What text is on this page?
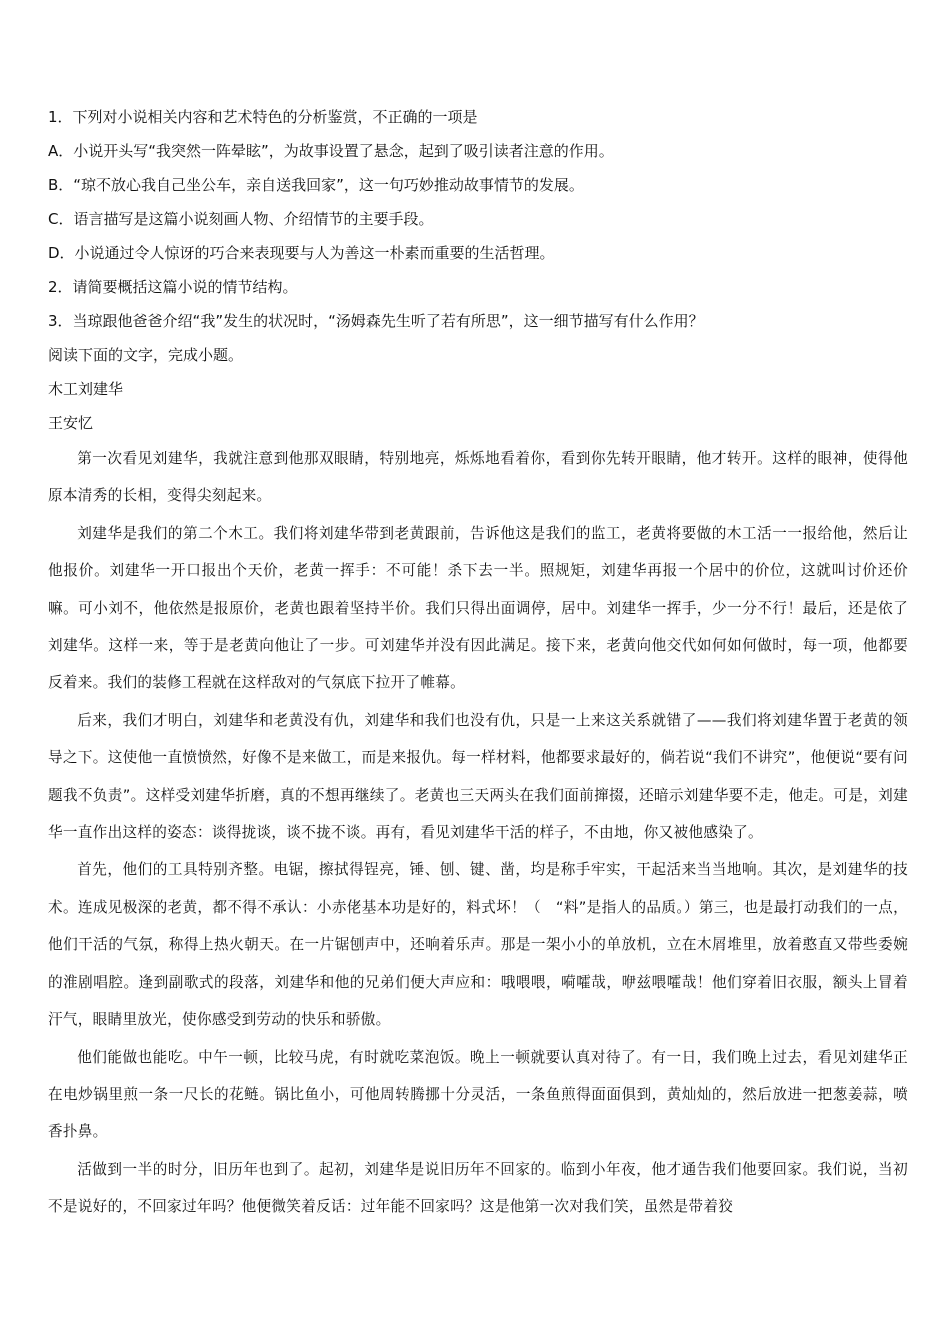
1．下列对小说相关内容和艺术特色的分析鉴赏，不正确的一项是
A．小说开头写“我突然一阵晕眩”，为故事设置了悬念，起到了吸引读者注意的作用。
B．“琼不放心我自己坐公车，亲自送我回家”，这一句巧妙推动故事情节的发展。
C．语言描写是这篇小说刻画人物、介绍情节的主要手段。
D．小说通过令人惊讶的巧合来表现要与人为善这一朴素而重要的生活哲理。
2．请简要概括这篇小说的情节结构。
3．当琼跟他爸爸介绍“我”发生的状况时，“汤姆森先生听了若有所思”，这一细节描写有什么作用？
阅读下面的文字，完成小题。
木工刘建华
王安忆

第一次看见刘建华，我就注意到他那双眼睛，特别地亮，烁烁地看着你，看到你先转开眼睛，他才转开。这样的眼神，使得他原本清秀的长相，变得尖刻起来。

刘建华是我们的第二个木工。我们将刘建华带到老黄跟前，告诉他这是我们的监工，老黄将要做的木工活一一报给他，然后让他报价。刘建华一开口报出个天价，老黄一挥手：不可能！杀下去一半。照规矩，刘建华再报一个居中的价位，这就叫讨价还价嘛。可小刘不，他依然是报原价，老黄也跟着坚持半价。我们只得出面调停，居中。刘建华一挥手，少一分不行！最后，还是依了刘建华。这样一来，等于是老黄向他让了一步。可刘建华并没有因此满足。接下来，老黄向他交代如何如何做时，每一项，他都要反着来。我们的装修工程就在这样敌对的气氛底下拉开了帷幕。

后来，我们才明白，刘建华和老黄没有仇，刘建华和我们也没有仇，只是一上来这关系就错了——我们将刘建华置于老黄的领导之下。这使他一直愤愤然，好像不是来做工，而是来报仇。每一样材料，他都要求最好的，倘若说“我们不讲究”，他便说“要有问题我不负责”。这样受刘建华折磨，真的不想再继续了。老黄也三天两头在我们面前撺掇，还暗示刘建华要不走，他走。可是，刘建华一直作出这样的姿态：谈得拢谈，谈不拢不谈。再有，看见刘建华干活的样子，不由地，你又被他感染了。

首先，他们的工具特别齐整。电锯，擦拭得锃亮，锤、刨、键、凿，均是称手牢实，干起活来当当地响。其次，是刘建华的技术。连成见极深的老黄，都不得不承认：小赤佬基本功是好的，料式坏！（　“料”是指人的品质。）第三，也是最打动我们的一点，他们干活的气氛，称得上热火朝天。在一片锯刨声中，还响着乐声。那是一架小小的单放机，立在木屑堆里，放着憨直又带些委婉的淮剧唱腔。逢到副歌式的段落，刘建华和他的兄弟们便大声应和：哦喂喂，嗬嚯哉，咿兹喂嚯哉！他们穿着旧衣服，额头上冒着汗气，眼睛里放光，使你感受到劳动的快乐和骄傲。

他们能做也能吃。中午一顿，比较马虎，有时就吃菜泡饭。晚上一顿就要认真对待了。有一日，我们晚上过去，看见刘建华正在电炒锅里煎一条一尺长的花鲢。锅比鱼小，可他周转腾挪十分灵活，一条鱼煎得面面俱到，黄灿灿的，然后放进一把葱姜蒜，喷香扑鼻。

活做到一半的时分，旧历年也到了。起初，刘建华是说旧历年不回家的。临到小年夜，他才通告我们他要回家。我们说，当初不是说好的，不回家过年吗？他便微笑着反话：过年能不回家吗？这是他第一次对我们笑，虽然是带着狡
